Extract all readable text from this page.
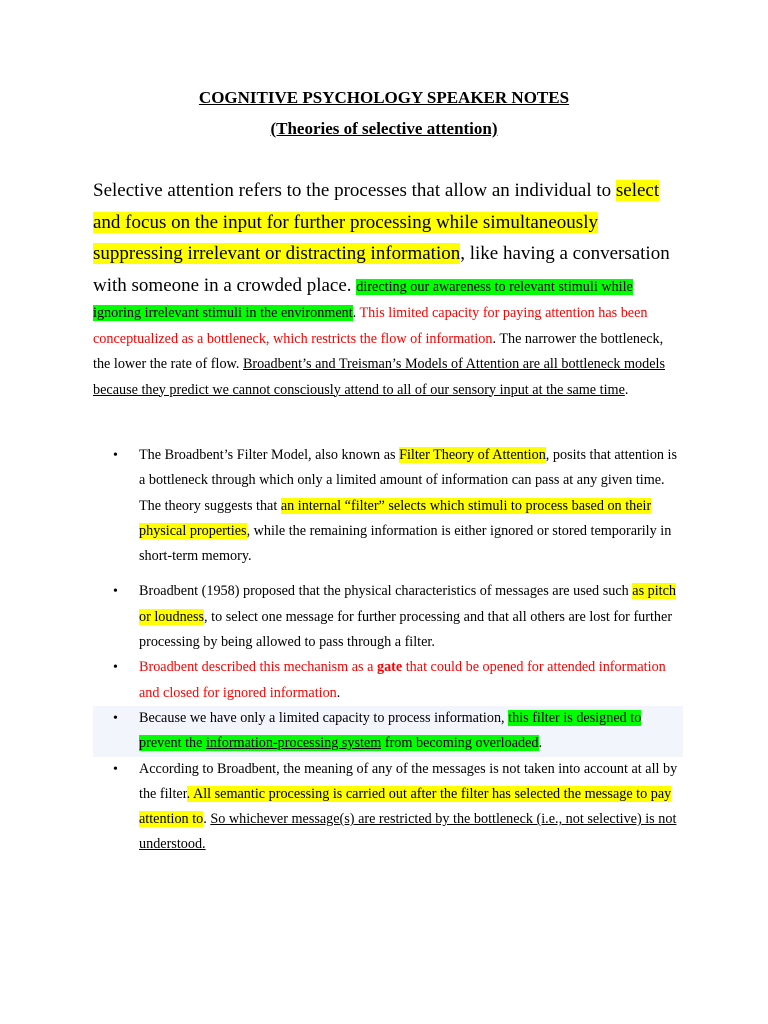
COGNITIVE PSYCHOLOGY SPEAKER NOTES
(Theories of selective attention)

Selective attention refers to the processes that allow an individual to select and focus on the input for further processing while simultaneously suppressing irrelevant or distracting information, like having a conversation with someone in a crowded place. directing our awareness to relevant stimuli while ignoring irrelevant stimuli in the environment. This limited capacity for paying attention has been conceptualized as a bottleneck, which restricts the flow of information. The narrower the bottleneck, the lower the rate of flow. Broadbent’s and Treisman’s Models of Attention are all bottleneck models because they predict we cannot consciously attend to all of our sensory input at the same time.

• The Broadbent’s Filter Model, also known as Filter Theory of Attention, posits that attention is a bottleneck through which only a limited amount of information can pass at any given time. The theory suggests that an internal “filter” selects which stimuli to process based on their physical properties, while the remaining information is either ignored or stored temporarily in short-term memory.
• Broadbent (1958) proposed that the physical characteristics of messages are used such as pitch or loudness, to select one message for further processing and that all others are lost for further processing by being allowed to pass through a filter.
• Broadbent described this mechanism as a gate that could be opened for attended information and closed for ignored information.
• Because we have only a limited capacity to process information, this filter is designed to prevent the information-processing system from becoming overloaded.
• According to Broadbent, the meaning of any of the messages is not taken into account at all by the filter. All semantic processing is carried out after the filter has selected the message to pay attention to. So whichever message(s) are restricted by the bottleneck (i.e., not selective) is not understood.
